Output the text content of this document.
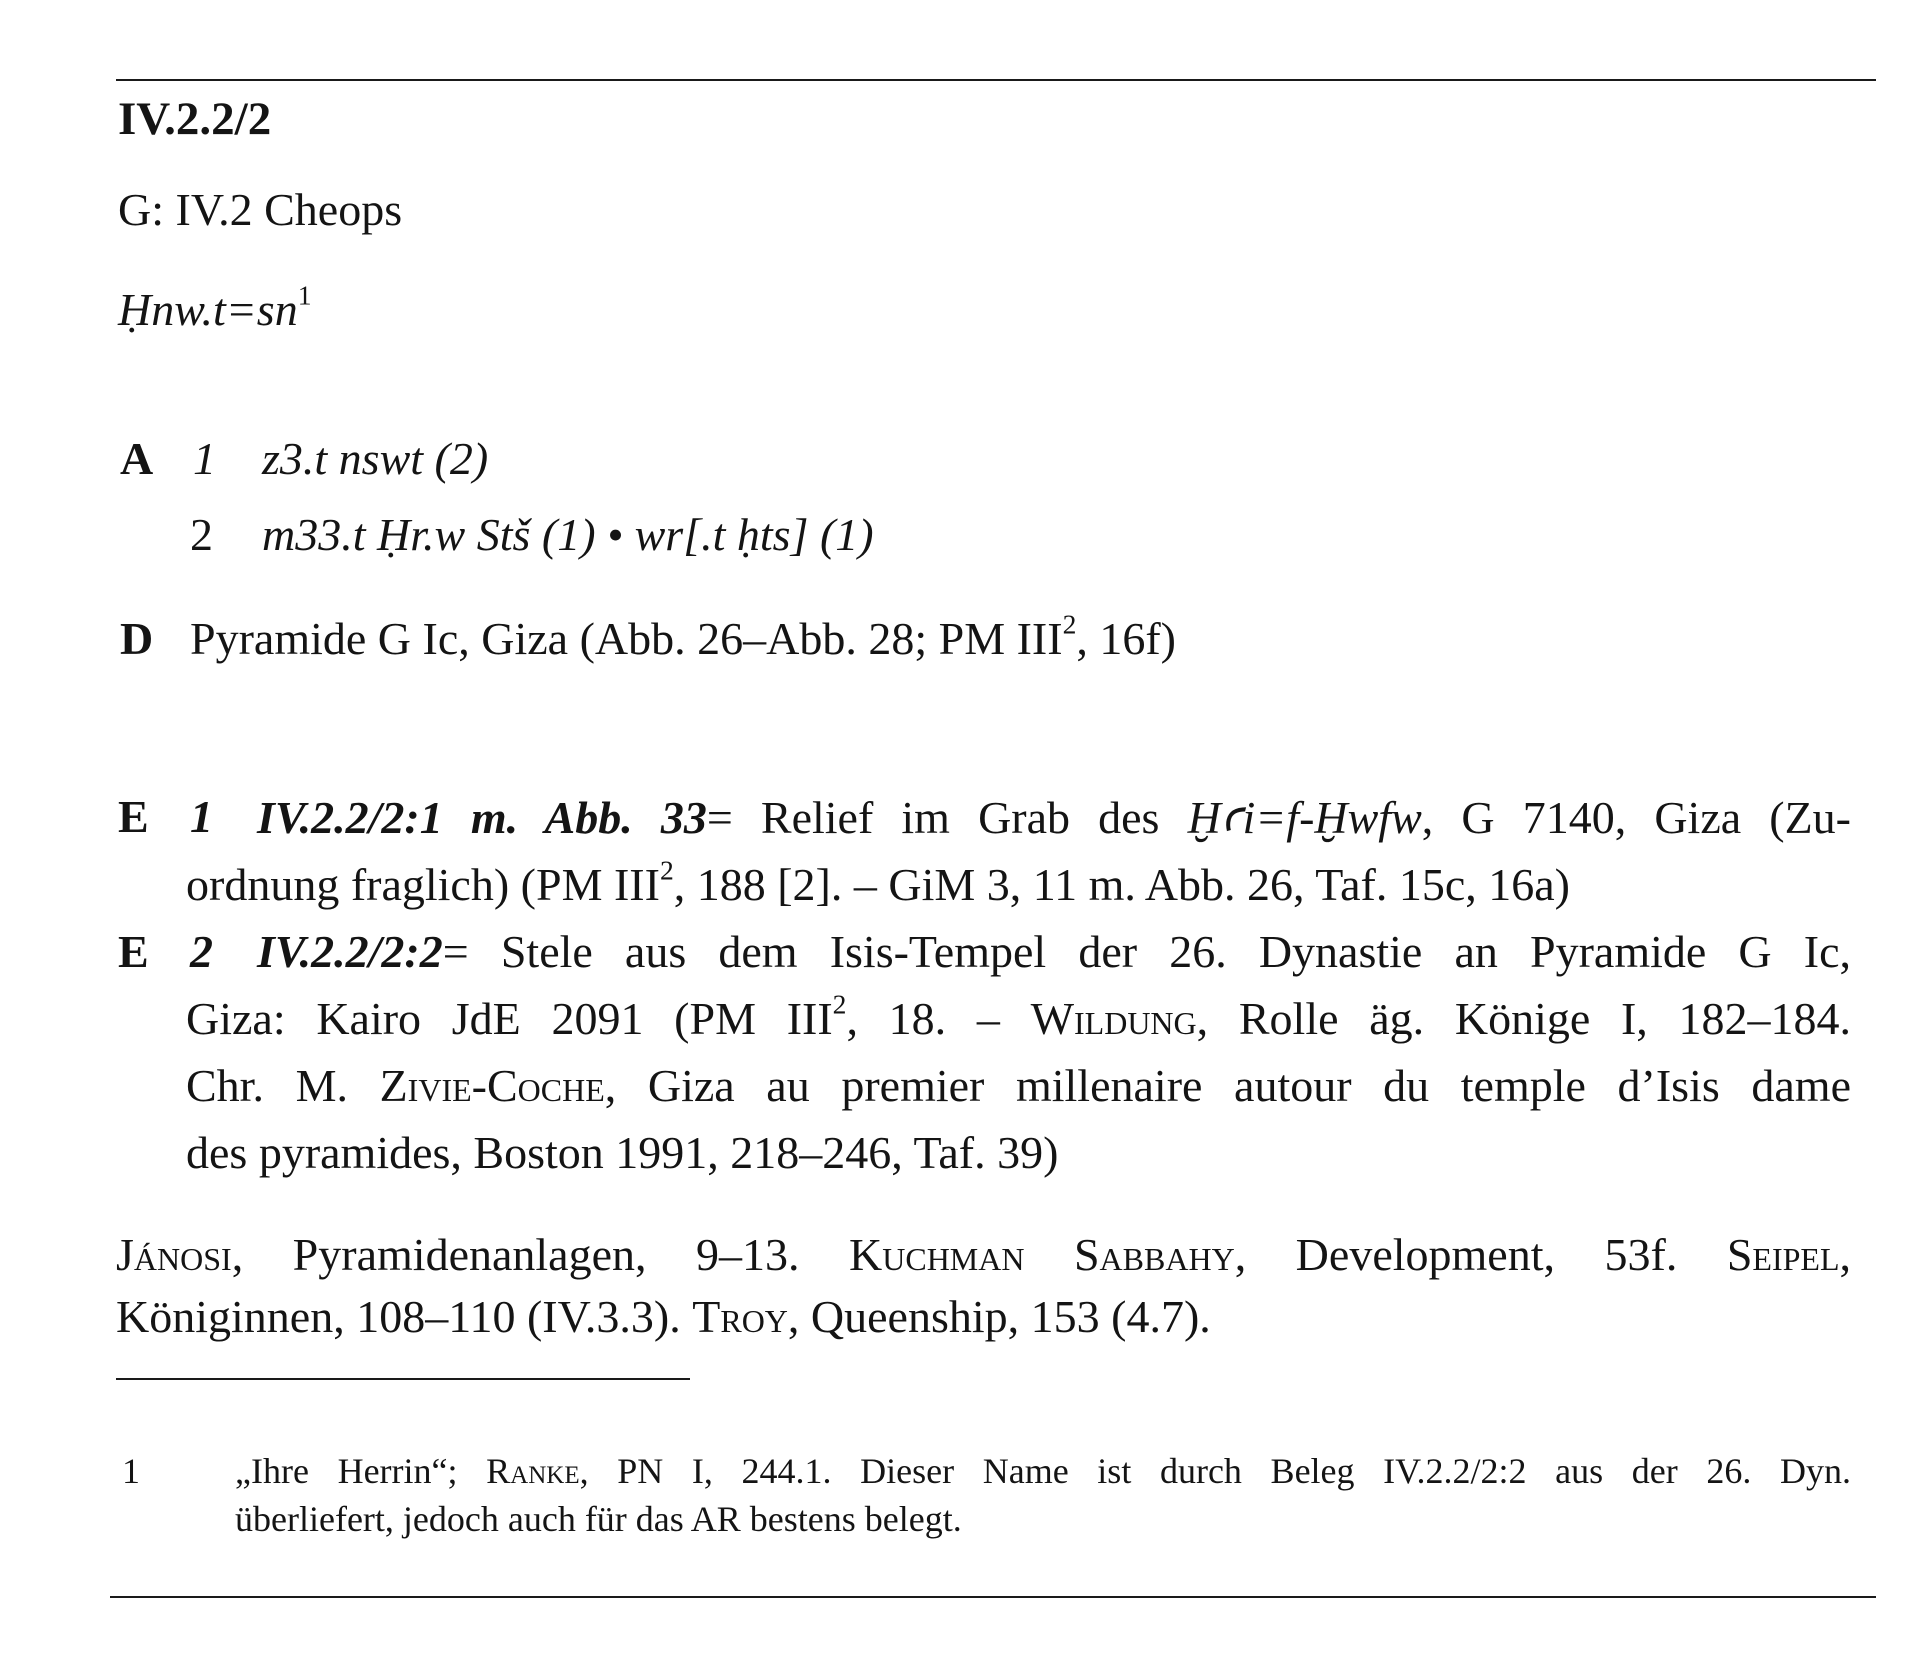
IV.2.2/2
G: IV.2 Cheops
$Ḥnw.t=sn^1$
A 1 z3.t nswt (2)
2 m33.t Ḥr.w Stš (1) • wr[.t ḥts] (1)
D Pyramide G Ic, Giza (Abb. 26–Abb. 28; PM III$^2$, 16f)
E 1 IV.2.2/2:1 m. Abb. 33= Relief im Grab des Ḫꜥi=f-Ḫwfw, G 7140, Giza (Zu-
ordnung fraglich) (PM III$^2$, 188 [2]. – GiM 3, 11 m. Abb. 26, Taf. 15c, 16a)
E 2 IV.2.2/2:2= Stele aus dem Isis-Tempel der 26. Dynastie an Pyramide G Ic,
Giza: Kairo JdE 2091 (PM III$^2$, 18. – Wildung, Rolle äg. Könige I, 182–184.
Chr. M. Zivie-Coche, Giza au premier millenaire autour du temple d’Isis dame
des pyramides, Boston 1991, 218–246, Taf. 39)
Jánosi, Pyramidenanlagen, 9–13. Kuchman Sabbahy, Development, 53f. Seipel,
Königinnen, 108–110 (IV.3.3). Troy, Queenship, 153 (4.7).
1	„Ihre Herrin“; Ranke, PN I, 244.1. Dieser Name ist durch Beleg IV.2.2/2:2 aus der 26. Dyn.
überliefert, jedoch auch für das AR bestens belegt.
